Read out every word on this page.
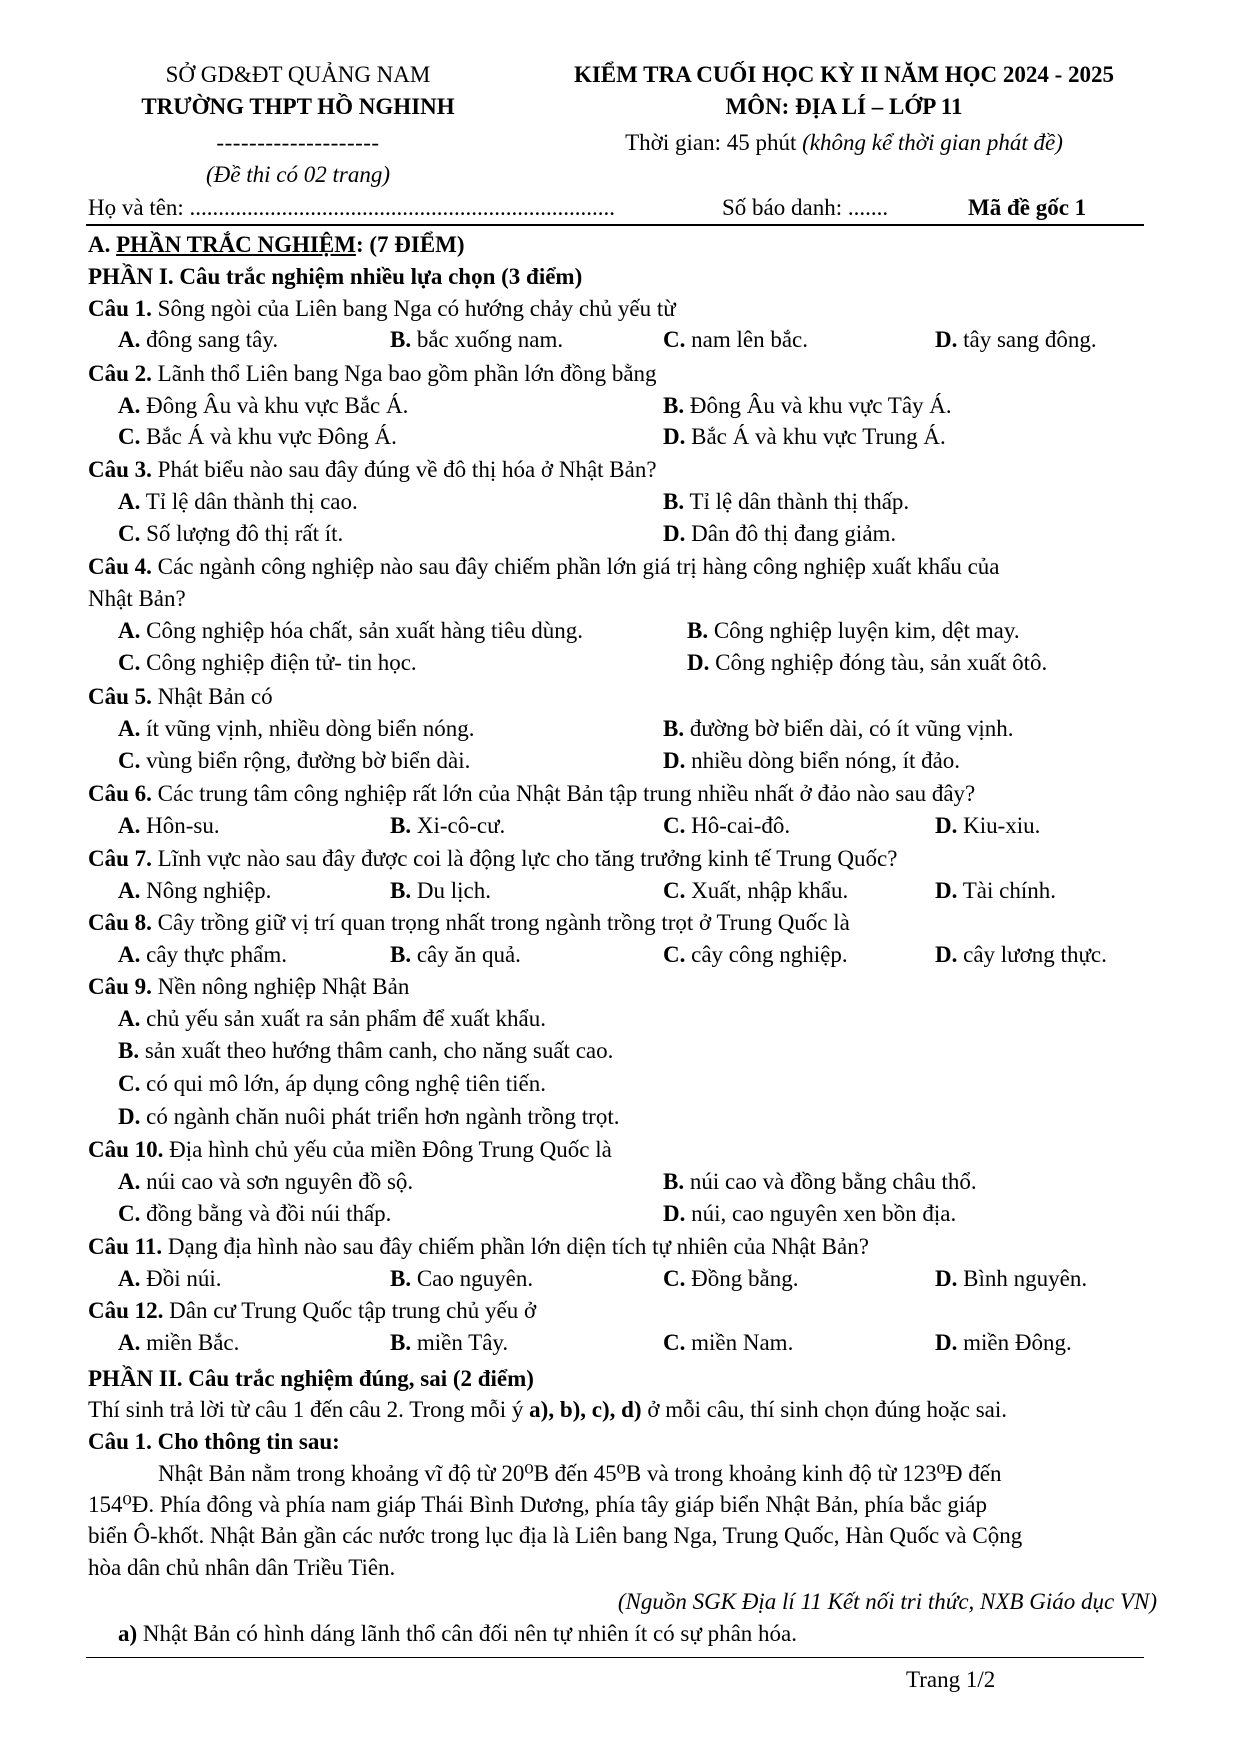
SỞ GD&ĐT QUẢNG NAM
TRƯỜNG THPT HỒ NGHINH
--------------------
(Đề thi có 02 trang)
KIỂM TRA CUỐI HỌC KỲ II NĂM HỌC 2024 - 2025
MÔN: ĐỊA LÍ – LỚP 11
Thời gian: 45 phút (không kể thời gian phát đề)
Họ và tên: ..........................................................................	Số báo danh: .......	Mã đề gốc 1
A. PHẦN TRẮC NGHIỆM: (7 ĐIỂM)
PHẦN I. Câu trắc nghiệm nhiều lựa chọn (3 điểm)
Câu 1. Sông ngòi của Liên bang Nga có hướng chảy chủ yếu từ
A. đông sang tây.	B. bắc xuống nam.	C. nam lên bắc.	D. tây sang đông.
Câu 2. Lãnh thổ Liên bang Nga bao gồm phần lớn đồng bằng
A. Đông Âu và khu vực Bắc Á.	B. Đông Âu và khu vực Tây Á.
C. Bắc Á và khu vực Đông Á.	D. Bắc Á và khu vực Trung Á.
Câu 3. Phát biểu nào sau đây đúng về đô thị hóa ở Nhật Bản?
A. Tỉ lệ dân thành thị cao.	B. Tỉ lệ dân thành thị thấp.
C. Số lượng đô thị rất ít.	D. Dân đô thị đang giảm.
Câu 4. Các ngành công nghiệp nào sau đây chiếm phần lớn giá trị hàng công nghiệp xuất khẩu của
Nhật Bản?
A. Công nghiệp hóa chất, sản xuất hàng tiêu dùng.	B. Công nghiệp luyện kim, dệt may.
C. Công nghiệp điện tử- tin học.	D. Công nghiệp đóng tàu, sản xuất ôtô.
Câu 5. Nhật Bản có
A. ít vũng vịnh, nhiều dòng biển nóng.	B. đường bờ biển dài, có ít vũng vịnh.
C. vùng biển rộng, đường bờ biển dài.	D. nhiều dòng biển nóng, ít đảo.
Câu 6. Các trung tâm công nghiệp rất lớn của Nhật Bản tập trung nhiều nhất ở đảo nào sau đây?
A. Hôn-su.	B. Xi-cô-cư.	C. Hô-cai-đô.	D. Kiu-xiu.
Câu 7. Lĩnh vực nào sau đây được coi là động lực cho tăng trưởng kinh tế Trung Quốc?
A. Nông nghiệp.	B. Du lịch.	C. Xuất, nhập khẩu.	D. Tài chính.
Câu 8. Cây trồng giữ vị trí quan trọng nhất trong ngành trồng trọt ở Trung Quốc là
A. cây thực phẩm.	B. cây ăn quả.	C. cây công nghiệp.	D. cây lương thực.
Câu 9. Nền nông nghiệp Nhật Bản
A. chủ yếu sản xuất ra sản phẩm để xuất khẩu.
B. sản xuất theo hướng thâm canh, cho năng suất cao.
C. có qui mô lớn, áp dụng công nghệ tiên tiến.
D. có ngành chăn nuôi phát triển hơn ngành trồng trọt.
Câu 10. Địa hình chủ yếu của miền Đông Trung Quốc là
A. núi cao và sơn nguyên đồ sộ.	B. núi cao và đồng bằng châu thổ.
C. đồng bằng và đồi núi thấp.	D. núi, cao nguyên xen bồn địa.
Câu 11. Dạng địa hình nào sau đây chiếm phần lớn diện tích tự nhiên của Nhật Bản?
A. Đồi núi.	B. Cao nguyên.	C. Đồng bằng.	D. Bình nguyên.
Câu 12. Dân cư Trung Quốc tập trung chủ yếu ở
A. miền Bắc.	B. miền Tây.	C. miền Nam.	D. miền Đông.
PHẦN II. Câu trắc nghiệm đúng, sai (2 điểm)
Thí sinh trả lời từ câu 1 đến câu 2. Trong mỗi ý a), b), c), d) ở mỗi câu, thí sinh chọn đúng hoặc sai.
Câu 1. Cho thông tin sau:
Nhật Bản nằm trong khoảng vĩ độ từ 20⁰B đến 45⁰B và trong khoảng kinh độ từ 123⁰Đ đến
154⁰Đ. Phía đông và phía nam giáp Thái Bình Dương, phía tây giáp biển Nhật Bản, phía bắc giáp
biển Ô-khốt. Nhật Bản gần các nước trong lục địa là Liên bang Nga, Trung Quốc, Hàn Quốc và Cộng
hòa dân chủ nhân dân Triều Tiên.
(Nguồn SGK Địa lí 11 Kết nối tri thức, NXB Giáo dục VN)
a) Nhật Bản có hình dáng lãnh thổ cân đối nên tự nhiên ít có sự phân hóa.
Trang 1/2
